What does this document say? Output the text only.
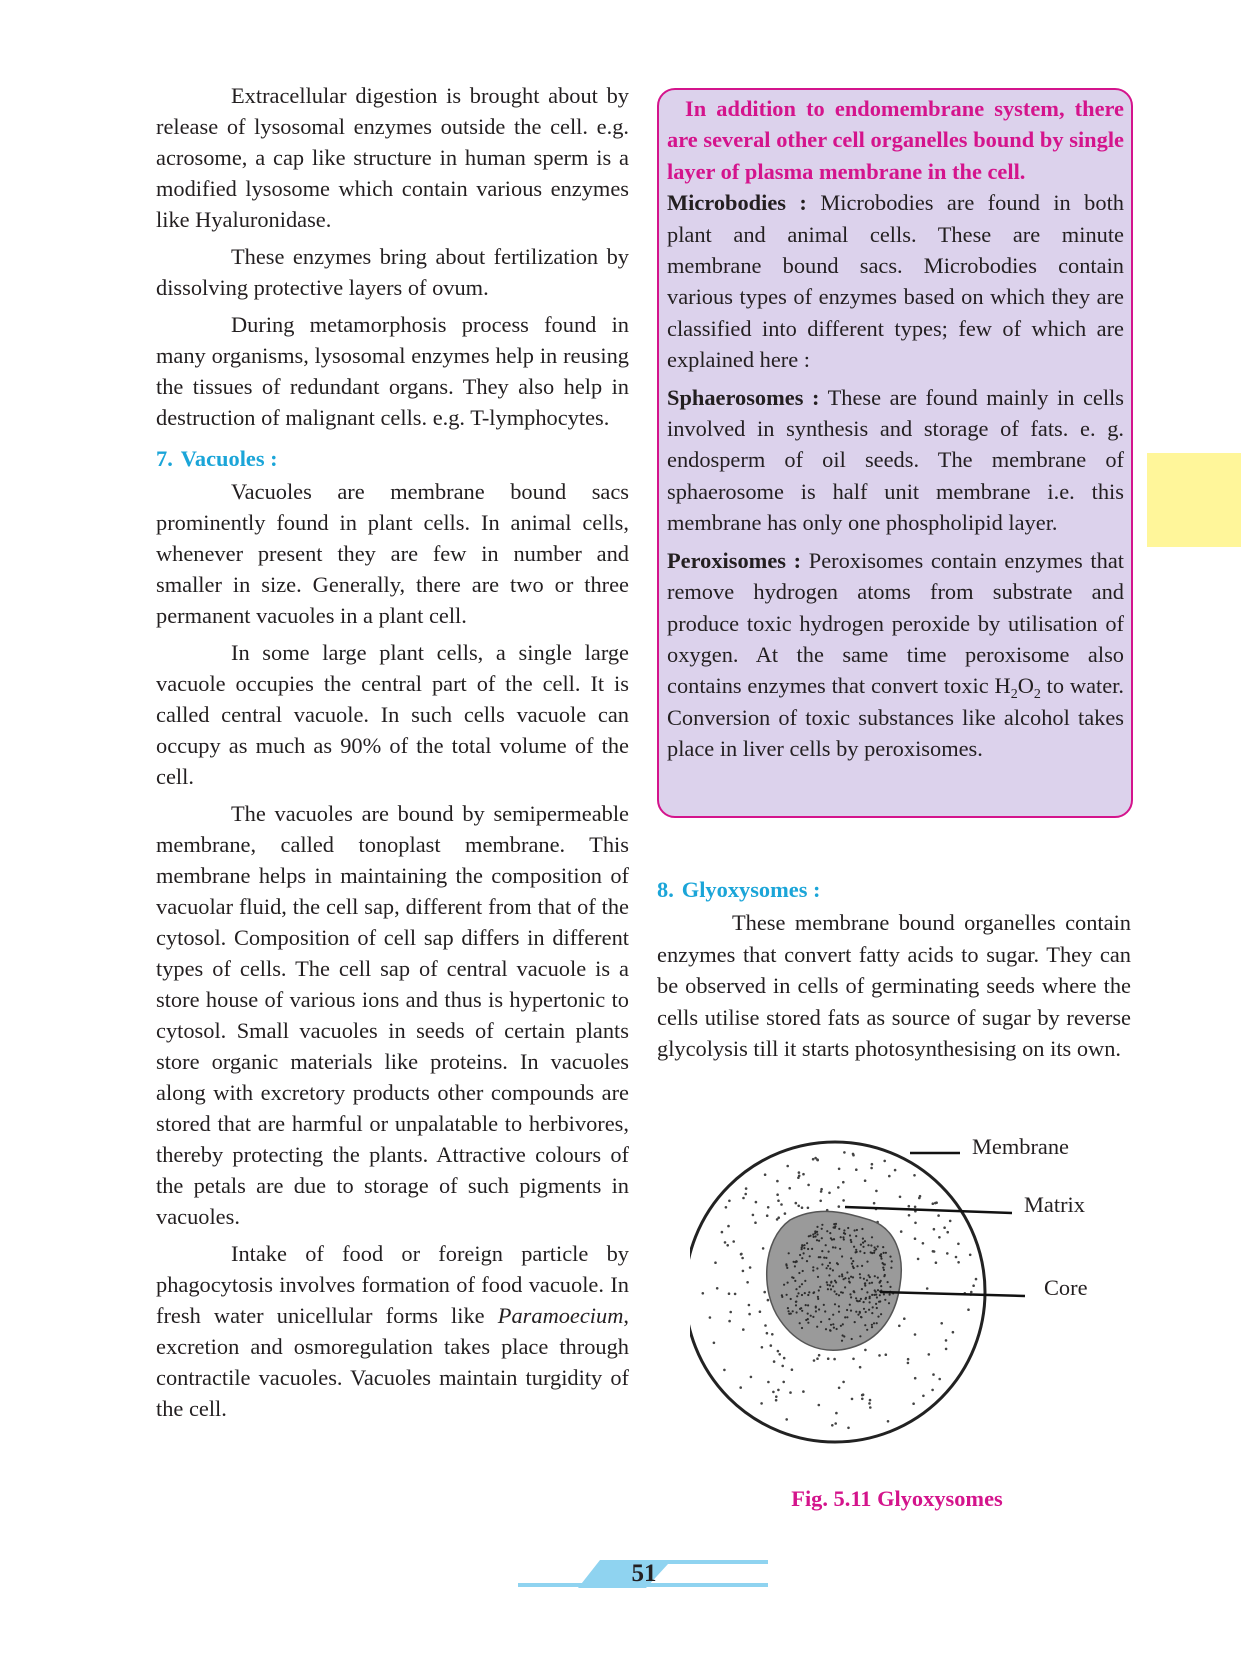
Extracellular digestion is brought about by release of lysosomal enzymes outside the cell. e.g. acrosome, a cap like structure in human sperm is a modified lysosome which contain various enzymes like Hyaluronidase.

These enzymes bring about fertilization by dissolving protective layers of ovum.

During metamorphosis process found in many organisms, lysosomal enzymes help in reusing the tissues of redundant organs. They also help in destruction of malignant cells. e.g. T-lymphocytes.

7. Vacuoles :

Vacuoles are membrane bound sacs prominently found in plant cells. In animal cells, whenever present they are few in number and smaller in size. Generally, there are two or three permanent vacuoles in a plant cell.

In some large plant cells, a single large vacuole occupies the central part of the cell. It is called central vacuole. In such cells vacuole can occupy as much as 90% of the total volume of the cell.

The vacuoles are bound by semipermeable membrane, called tonoplast membrane. This membrane helps in maintaining the composition of vacuolar fluid, the cell sap, different from that of the cytosol. Composition of cell sap differs in different types of cells. The cell sap of central vacuole is a store house of various ions and thus is hypertonic to cytosol. Small vacuoles in seeds of certain plants store organic materials like proteins. In vacuoles along with excretory products other compounds are stored that are harmful or unpalatable to herbivores, thereby protecting the plants. Attractive colours of the petals are due to storage of such pigments in vacuoles.

Intake of food or foreign particle by phagocytosis involves formation of food vacuole. In fresh water unicellular forms like Paramoecium, excretion and osmoregulation takes place through contractile vacuoles. Vacuoles maintain turgidity of the cell.

In addition to endomembrane system, there are several other cell organelles bound by single layer of plasma membrane in the cell.

Microbodies : Microbodies are found in both plant and animal cells. These are minute membrane bound sacs. Microbodies contain various types of enzymes based on which they are classified into different types; few of which are explained here :

Sphaerosomes : These are found mainly in cells involved in synthesis and storage of fats. e. g. endosperm of oil seeds. The membrane of sphaerosome is half unit membrane i.e. this membrane has only one phospholipid layer.

Peroxisomes : Peroxisomes contain enzymes that remove hydrogen atoms from substrate and produce toxic hydrogen peroxide by utilisation of oxygen. At the same time peroxisome also contains enzymes that convert toxic $H_2O_2$ to water. Conversion of toxic substances like alcohol takes place in liver cells by peroxisomes.

8. Glyoxysomes :

These membrane bound organelles contain enzymes that convert fatty acids to sugar. They can be observed in cells of germinating seeds where the cells utilise stored fats as source of sugar by reverse glycolysis till it starts photosynthesising on its own.

Membrane
Matrix
Core
Fig. 5.11 Glyoxysomes
51
